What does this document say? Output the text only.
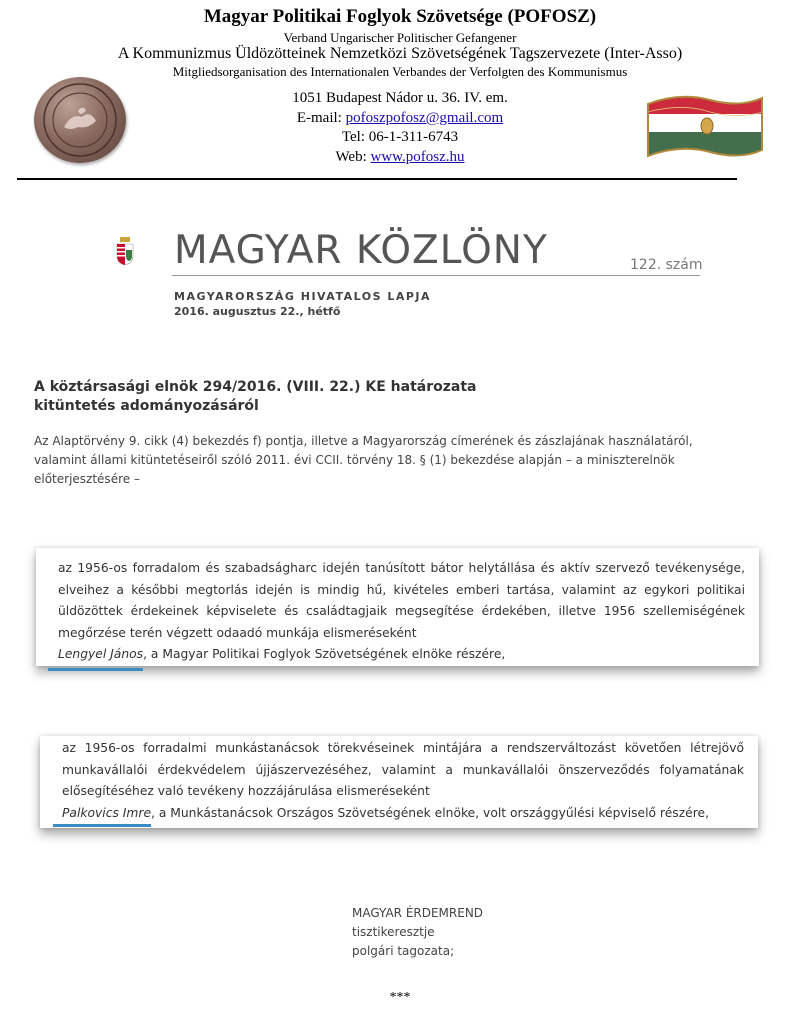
Magyar Politikai Foglyok Szövetsége (POFOSZ)
Verband Ungarischer Politischer Gefangener
A Kommunizmus Üldözötteinek Nemzetközi Szövetségének Tagszervezete (Inter-Asso)
Mitgliedsorganisation des Internationalen Verbandes der Verfolgten des Kommunismus
1051 Budapest Nádor u. 36. IV. em.
E-mail: pofoszpofosz@gmail.com
Tel: 06-1-311-6743
Web: www.pofosz.hu
MAGYAR KÖZLÖNY	122. szám
MAGYARORSZÁG HIVATALOS LAPJA
2016. augusztus 22., hétfő
A köztársasági elnök 294/2016. (VIII. 22.) KE határozata
kitüntetés adományozásáról
Az Alaptörvény 9. cikk (4) bekezdés f) pontja, illetve a Magyarország címerének és zászlajának használatáról, valamint állami kitüntetéseiről szóló 2011. évi CCII. törvény 18. § (1) bekezdése alapján – a miniszterelnök előterjesztésére –

az 1956-os forradalom és szabadságharc idején tanúsított bátor helytállása és aktív szervező tevékenysége, elveihez a későbbi megtorlás idején is mindig hű, kivételes emberi tartása, valamint az egykori politikai üldözöttek érdekeinek képviselete és családtagjaik megsegítése érdekében, illetve 1956 szellemiségének megőrzése terén végzett odaadó munkája elismeréseként
Lengyel János, a Magyar Politikai Foglyok Szövetségének elnöke részére,

az 1956-os forradalmi munkástanácsok törekvéseinek mintájára a rendszerváltozást követően létrejövő munkavállalói érdekvédelem újjászervezéséhez, valamint a munkavállalói önszerveződés folyamatának elősegítéséhez való tevékeny hozzájárulása elismeréseként
Palkovics Imre, a Munkástanácsok Országos Szövetségének elnöke, volt országgyűlési képviselő részére,

MAGYAR ÉRDEMREND
tisztikeresztje
polgári tagozata;
***
